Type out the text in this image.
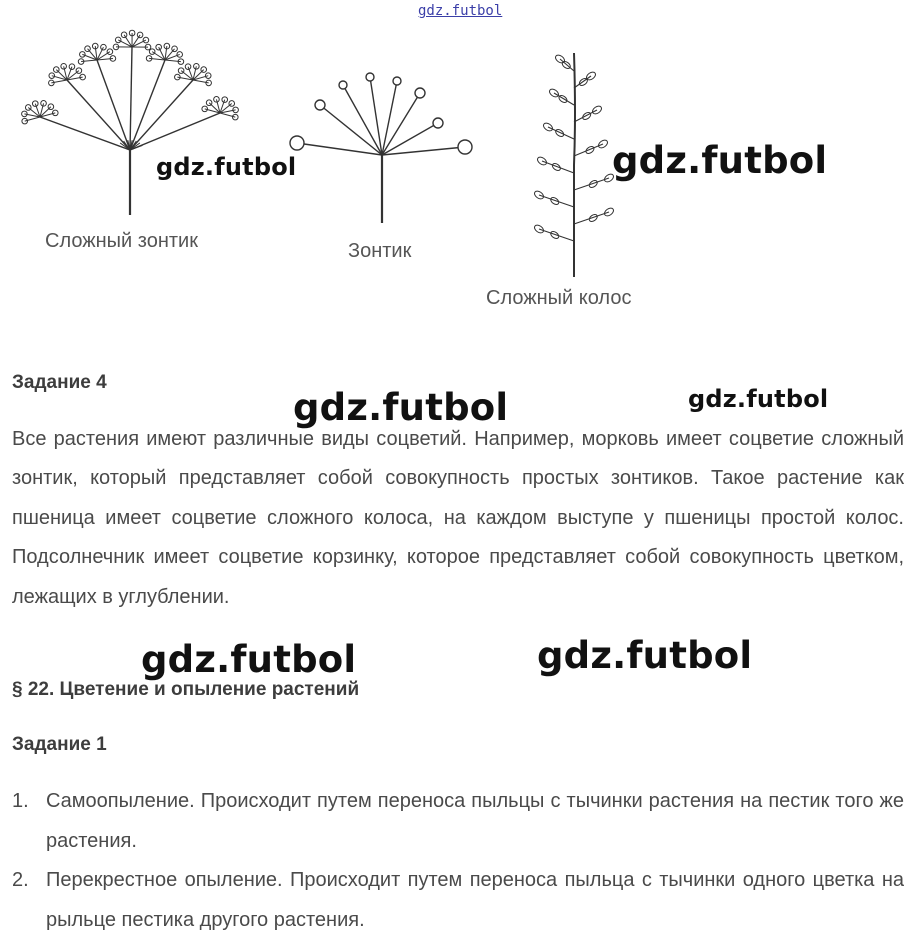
gdz.futbol
Сложный зонтик	Зонтик
Сложный колос
gdz.futbol	gdz.futbol
gdz.futbol	gdz.futbol
gdz.futbol	gdz.futbol
Задание 4
Все растения имеют различные виды соцветий. Например, морковь имеет соцветие сложный зонтик, который представляет собой совокупность простых зонтиков. Такое растение как пшеница имеет соцветие сложного колоса, на каждом выступе у пшеницы простой колос. Подсолнечник имеет соцветие корзинку, которое представляет собой совокупность цветком, лежащих в углублении.
§ 22. Цветение и опыление растений
Задание 1
1. Самоопыление. Происходит путем переноса пыльцы с тычинки растения на пестик того же растения.
2. Перекрестное опыление. Происходит путем переноса пыльца с тычинки одного цветка на рыльце пестика другого растения.
